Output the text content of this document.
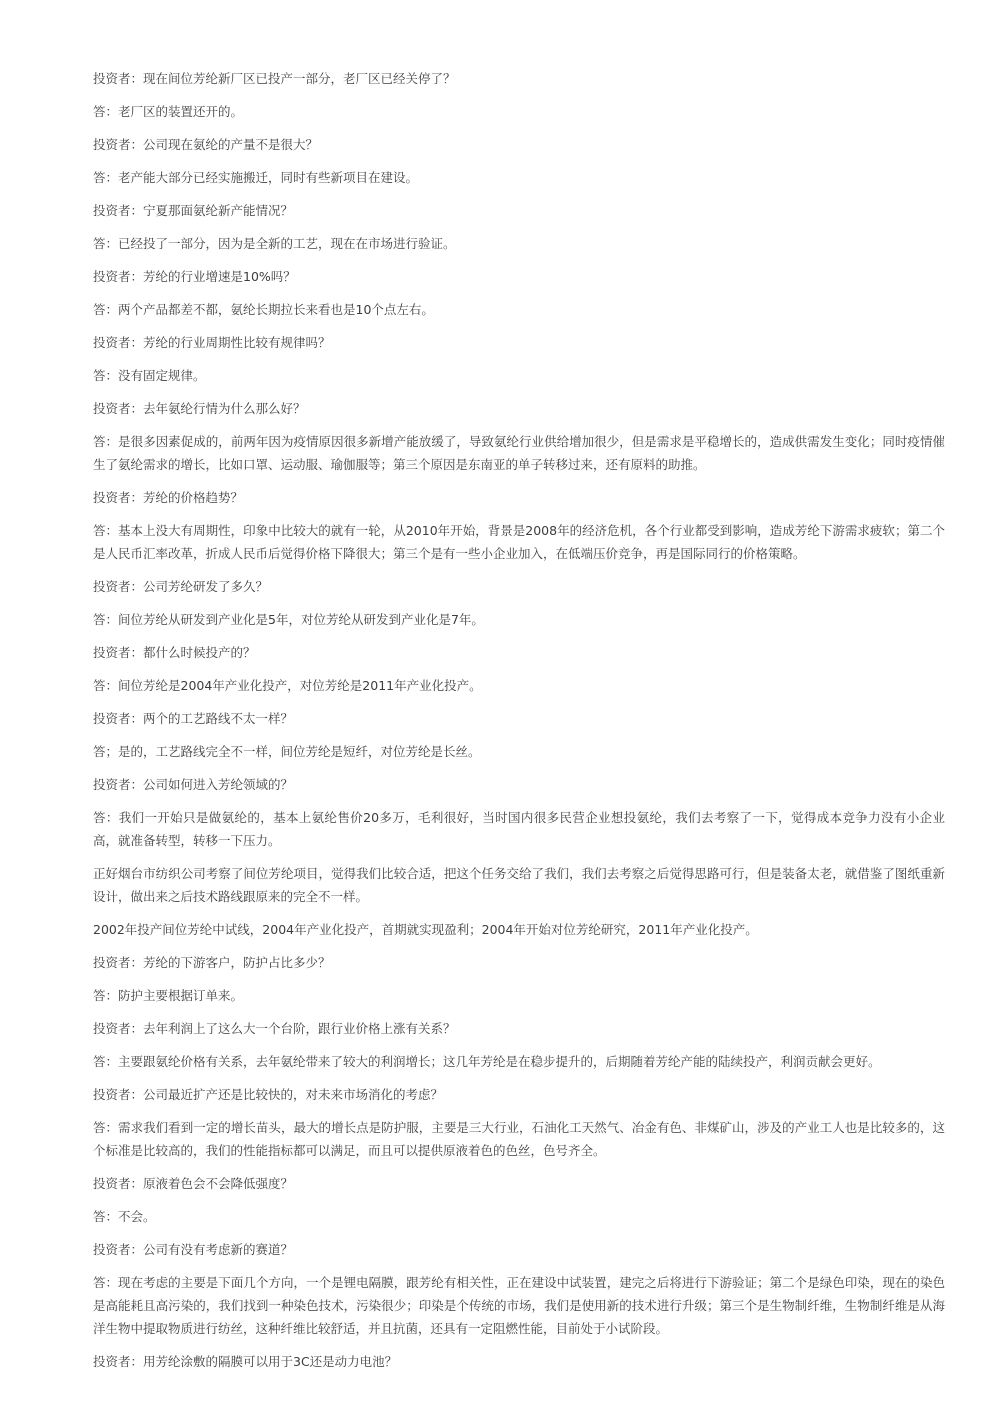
投资者：现在间位芳纶新厂区已投产一部分，老厂区已经关停了？

答：老厂区的装置还开的。

投资者：公司现在氨纶的产量不是很大？

答：老产能大部分已经实施搬迁，同时有些新项目在建设。

投资者：宁夏那面氨纶新产能情况？

答：已经投了一部分，因为是全新的工艺，现在在市场进行验证。

投资者：芳纶的行业增速是10%吗？

答：两个产品都差不都，氨纶长期拉长来看也是10个点左右。

投资者：芳纶的行业周期性比较有规律吗？

答：没有固定规律。

投资者：去年氨纶行情为什么那么好？

答：是很多因素促成的，前两年因为疫情原因很多新增产能放缓了，导致氨纶行业供给增加很少，但是需求是平稳增长的，造成供需发生变化；同时疫情催生了氨纶需求的增长，比如口罩、运动服、瑜伽服等；第三个原因是东南亚的单子转移过来，还有原料的助推。

投资者：芳纶的价格趋势？

答：基本上没大有周期性，印象中比较大的就有一轮，从2010年开始，背景是2008年的经济危机，各个行业都受到影响，造成芳纶下游需求疲软；第二个是人民币汇率改革，折成人民币后觉得价格下降很大；第三个是有一些小企业加入，在低端压价竞争，再是国际同行的价格策略。

投资者：公司芳纶研发了多久？

答：间位芳纶从研发到产业化是5年，对位芳纶从研发到产业化是7年。

投资者：都什么时候投产的？

答：间位芳纶是2004年产业化投产，对位芳纶是2011年产业化投产。

投资者：两个的工艺路线不太一样？

答；是的，工艺路线完全不一样，间位芳纶是短纤，对位芳纶是长丝。

投资者：公司如何进入芳纶领域的？

答：我们一开始只是做氨纶的，基本上氨纶售价20多万，毛利很好，当时国内很多民营企业想投氨纶，我们去考察了一下，觉得成本竞争力没有小企业高，就准备转型，转移一下压力。

正好烟台市纺织公司考察了间位芳纶项目，觉得我们比较合适，把这个任务交给了我们，我们去考察之后觉得思路可行，但是装备太老，就借鉴了图纸重新设计，做出来之后技术路线跟原来的完全不一样。

2002年投产间位芳纶中试线，2004年产业化投产，首期就实现盈利；2004年开始对位芳纶研究，2011年产业化投产。

投资者：芳纶的下游客户，防护占比多少？

答：防护主要根据订单来。

投资者：去年利润上了这么大一个台阶，跟行业价格上涨有关系？

答：主要跟氨纶价格有关系，去年氨纶带来了较大的利润增长；这几年芳纶是在稳步提升的，后期随着芳纶产能的陆续投产，利润贡献会更好。

投资者：公司最近扩产还是比较快的，对未来市场消化的考虑？

答：需求我们看到一定的增长苗头，最大的增长点是防护服，主要是三大行业，石油化工天然气、冶金有色、非煤矿山，涉及的产业工人也是比较多的，这个标准是比较高的，我们的性能指标都可以满足，而且可以提供原液着色的色丝，色号齐全。

投资者：原液着色会不会降低强度？

答：不会。

投资者：公司有没有考虑新的赛道？

答：现在考虑的主要是下面几个方向，一个是锂电隔膜，跟芳纶有相关性，正在建设中试装置，建完之后将进行下游验证；第二个是绿色印染，现在的染色是高能耗且高污染的，我们找到一种染色技术，污染很少；印染是个传统的市场，我们是使用新的技术进行升级；第三个是生物制纤维，生物制纤维是从海洋生物中提取物质进行纺丝，这种纤维比较舒适，并且抗菌，还具有一定阻燃性能，目前处于小试阶段。

投资者：用芳纶涂敷的隔膜可以用于3C还是动力电池？
